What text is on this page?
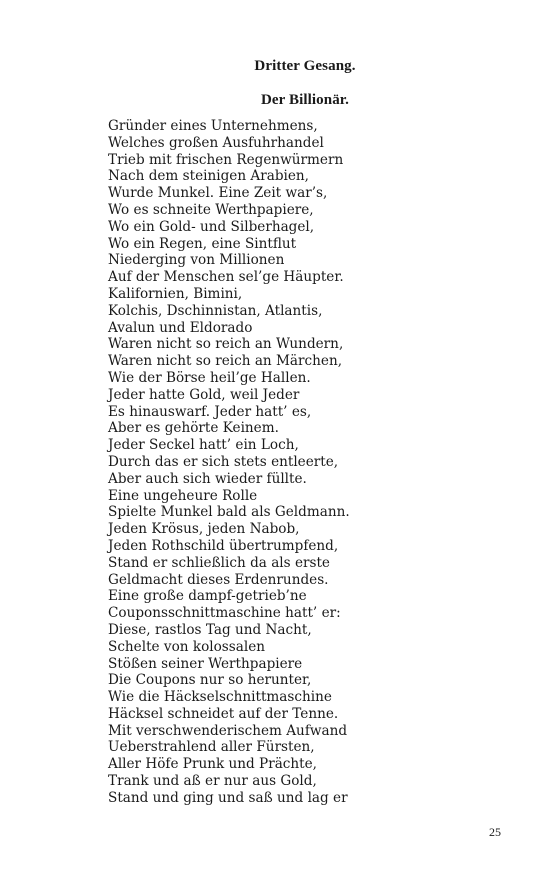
Dritter Gesang.
Der Billionär.
Gründer eines Unternehmens,
Welches großen Ausfuhrhandel
Trieb mit frischen Regenwürmern
Nach dem steinigen Arabien,
Wurde Munkel. Eine Zeit war’s,
Wo es schneite Werthpapiere,
Wo ein Gold- und Silberhagel,
Wo ein Regen, eine Sintflut
Niederging von Millionen
Auf der Menschen sel’ge Häupter.
Kalifornien, Bimini,
Kolchis, Dschinnistan, Atlantis,
Avalun und Eldorado
Waren nicht so reich an Wundern,
Waren nicht so reich an Märchen,
Wie der Börse heil’ge Hallen.
Jeder hatte Gold, weil Jeder
Es hinauswarf. Jeder hatt’ es,
Aber es gehörte Keinem.
Jeder Seckel hatt’ ein Loch,
Durch das er sich stets entleerte,
Aber auch sich wieder füllte.
Eine ungeheure Rolle
Spielte Munkel bald als Geldmann.
Jeden Krösus, jeden Nabob,
Jeden Rothschild übertrumpfend,
Stand er schließlich da als erste
Geldmacht dieses Erdenrundes.
Eine große dampf-getrieb’ne
Couponsschnittmaschine hatt’ er:
Diese, rastlos Tag und Nacht,
Schelte von kolossalen
Stößen seiner Werthpapiere
Die Coupons nur so herunter,
Wie die Häckselschnittmaschine
Häcksel schneidet auf der Tenne.
Mit verschwenderischem Aufwand
Ueberstrahlend aller Fürsten,
Aller Höfe Prunk und Prächte,
Trank und aß er nur aus Gold,
Stand und ging und saß und lag er
25
